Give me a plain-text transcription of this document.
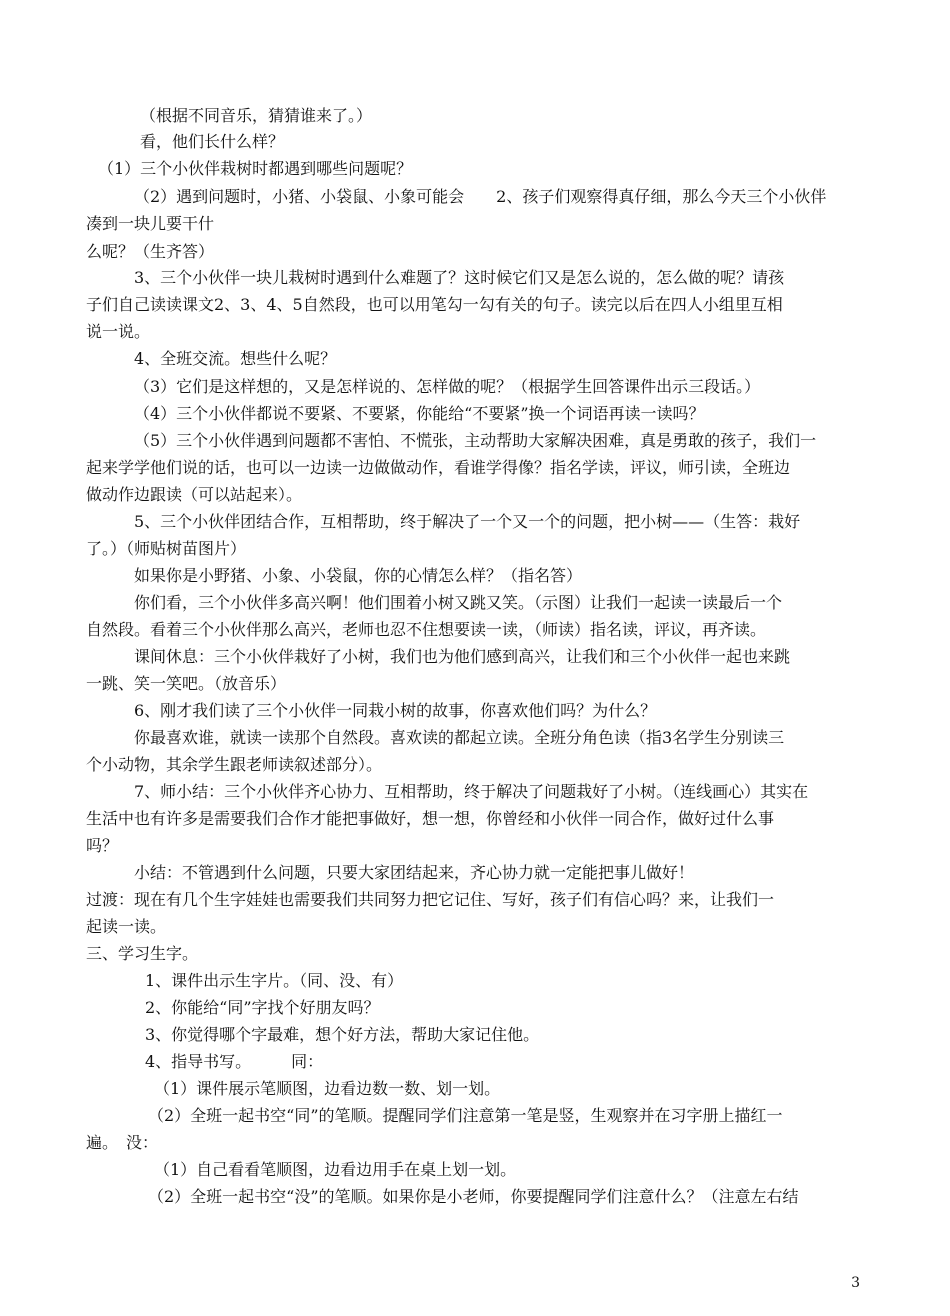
（根据不同音乐，猜猜谁来了。）
看，他们长什么样？
（1）三个小伙伴栽树时都遇到哪些问题呢？
（2）遇到问题时，小猪、小袋鼠、小象可能会　　2、孩子们观察得真仔细，那么今天三个小伙伴
凑到一块儿要干什
么呢？（生齐答）
3、三个小伙伴一块儿栽树时遇到什么难题了？这时候它们又是怎么说的，怎么做的呢？请孩
子们自己读读课文2、3、4、5自然段，也可以用笔勾一勾有关的句子。读完以后在四人小组里互相
说一说。
4、全班交流。想些什么呢？
（3）它们是这样想的，又是怎样说的、怎样做的呢？（根据学生回答课件出示三段话。）
（4）三个小伙伴都说不要紧、不要紧，你能给“不要紧”换一个词语再读一读吗？
（5）三个小伙伴遇到问题都不害怕、不慌张，主动帮助大家解决困难，真是勇敢的孩子，我们一
起来学学他们说的话，也可以一边读一边做做动作，看谁学得像？指名学读，评议，师引读，全班边
做动作边跟读（可以站起来）。
5、三个小伙伴团结合作，互相帮助，终于解决了一个又一个的问题，把小树——（生答：栽好
了。）（师贴树苗图片）
如果你是小野猪、小象、小袋鼠，你的心情怎么样？（指名答）
你们看，三个小伙伴多高兴啊！他们围着小树又跳又笑。（示图）让我们一起读一读最后一个
自然段。看着三个小伙伴那么高兴，老师也忍不住想要读一读，（师读）指名读，评议，再齐读。
课间休息：三个小伙伴栽好了小树，我们也为他们感到高兴，让我们和三个小伙伴一起也来跳
一跳、笑一笑吧。（放音乐）
6、刚才我们读了三个小伙伴一同栽小树的故事，你喜欢他们吗？为什么？
你最喜欢谁，就读一读那个自然段。喜欢读的都起立读。全班分角色读（指3名学生分别读三
个小动物，其余学生跟老师读叙述部分）。
7、师小结：三个小伙伴齐心协力、互相帮助，终于解决了问题栽好了小树。（连线画心）其实在
生活中也有许多是需要我们合作才能把事做好，想一想，你曾经和小伙伴一同合作，做好过什么事
吗？
小结：不管遇到什么问题，只要大家团结起来，齐心协力就一定能把事儿做好！
过渡：现在有几个生字娃娃也需要我们共同努力把它记住、写好，孩子们有信心吗？来，让我们一
起读一读。
三、学习生字。
1、课件出示生字片。（同、没、有）
2、你能给“同”字找个好朋友吗？
3、你觉得哪个字最难，想个好方法，帮助大家记住他。
4、指导书写。　　　同：
（1）课件展示笔顺图，边看边数一数、划一划。
（2）全班一起书空“同”的笔顺。提醒同学们注意第一笔是竖，生观察并在习字册上描红一
遍。　没：
（1）自己看看笔顺图，边看边用手在桌上划一划。
（2）全班一起书空“没”的笔顺。如果你是小老师，你要提醒同学们注意什么？（注意左右结
3
